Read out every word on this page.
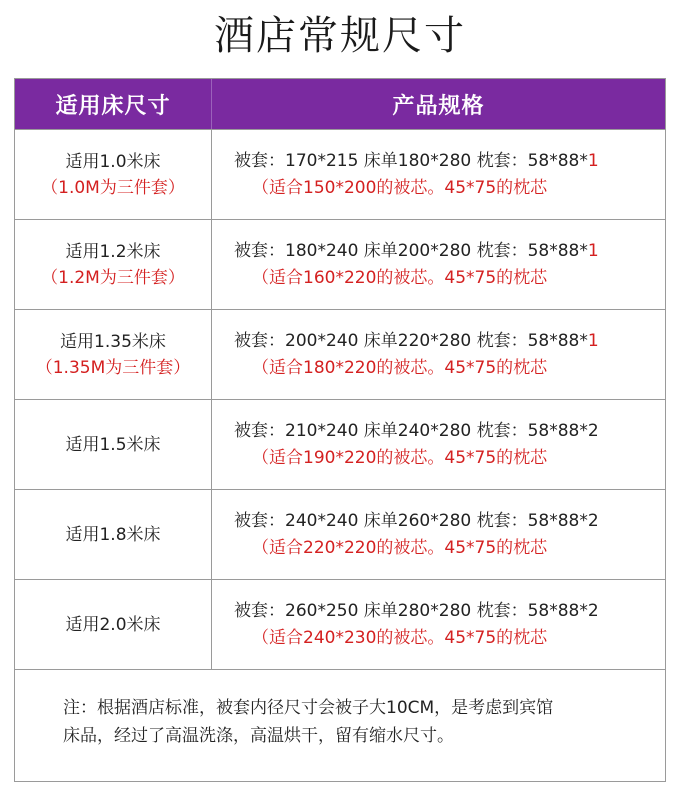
酒店常规尺寸
适用床尺寸	产品规格
适用1.0米床
（1.0M为三件套）
被套：170*215 床单180*280 枕套：58*88*1
（适合150*200的被芯。45*75的枕芯
适用1.2米床
（1.2M为三件套）
被套：180*240 床单200*280 枕套：58*88*1
（适合160*220的被芯。45*75的枕芯
适用1.35米床
（1.35M为三件套）
被套：200*240 床单220*280 枕套：58*88*1
（适合180*220的被芯。45*75的枕芯
适用1.5米床
被套：210*240 床单240*280 枕套：58*88*2
（适合190*220的被芯。45*75的枕芯
适用1.8米床
被套：240*240 床单260*280 枕套：58*88*2
（适合220*220的被芯。45*75的枕芯
适用2.0米床
被套：260*250 床单280*280 枕套：58*88*2
（适合240*230的被芯。45*75的枕芯
注：根据酒店标准，被套内径尺寸会被子大10CM，是考虑到宾馆
床品，经过了高温洗涤，高温烘干，留有缩水尺寸。
